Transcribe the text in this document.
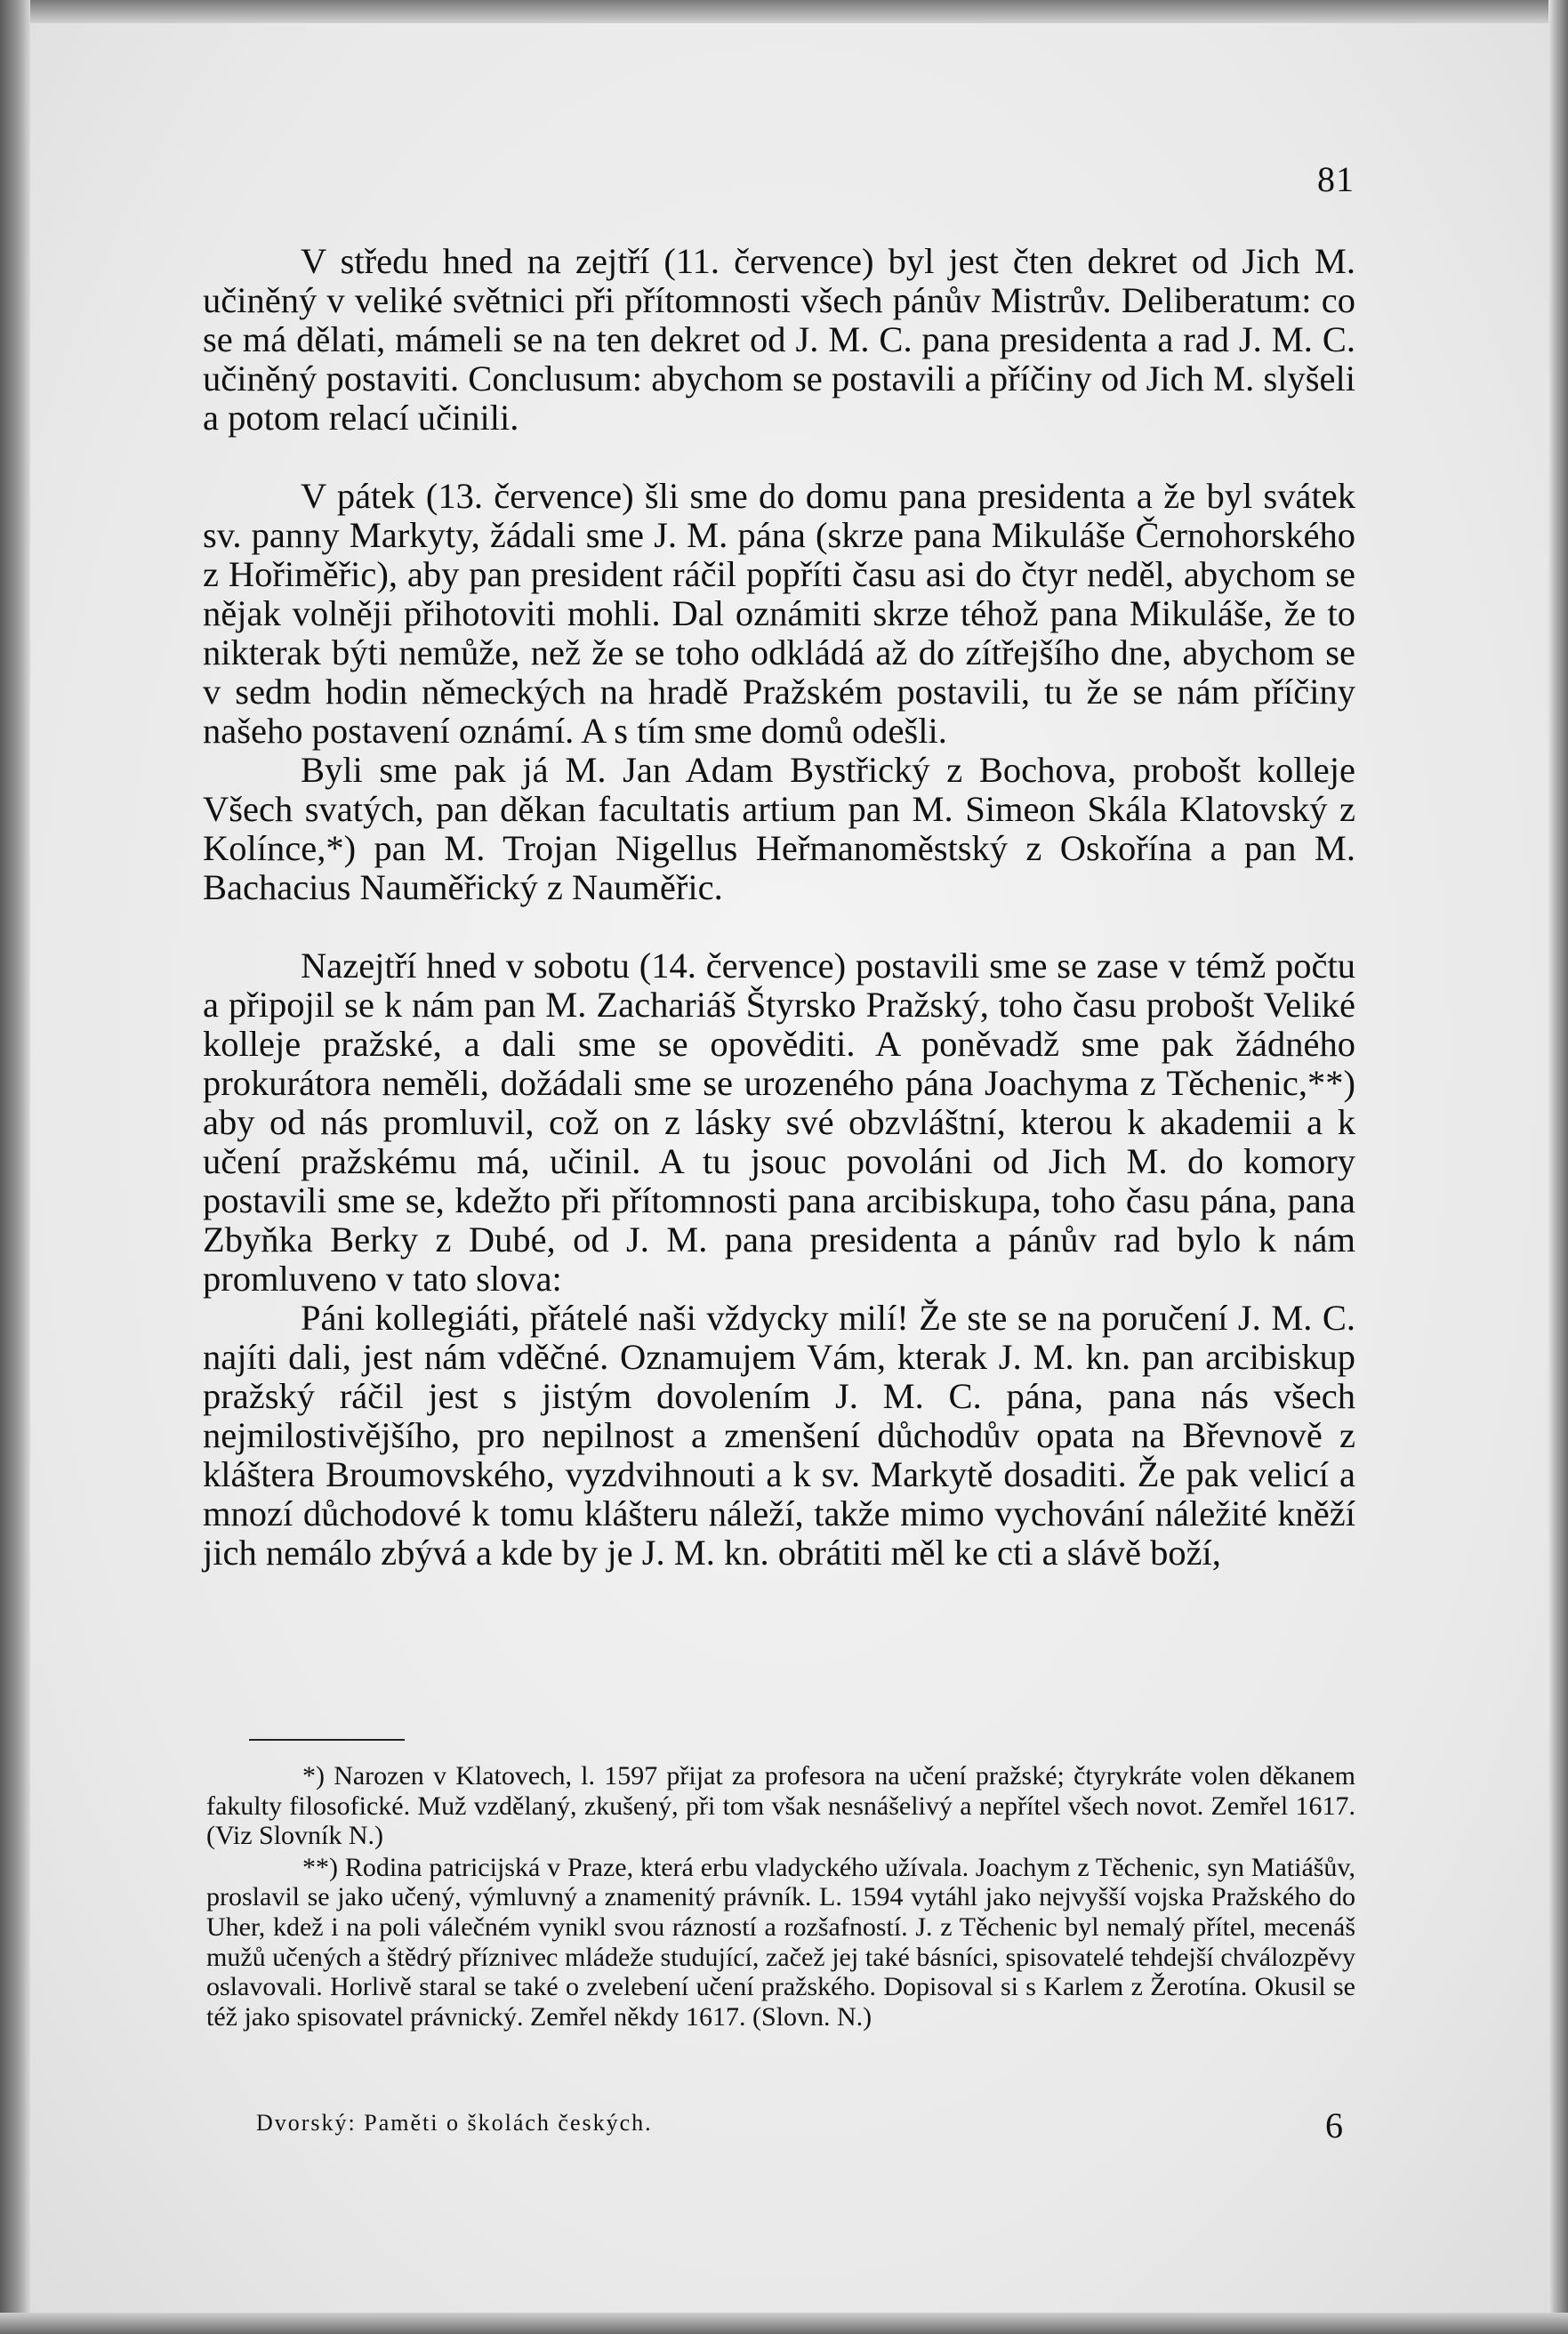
81

V středu hned na zejtří (11. července) byl jest čten dekret od Jich M. učiněný v veliké světnici při přítomnosti všech pánův Mistrův. Deliberatum: co se má dělati, mámeli se na ten dekret od J. M. C. pana presidenta a rad J. M. C. učiněný postaviti. Conclusum: abychom se postavili a příčiny od Jich M. slyšeli a potom relací učinili.

V pátek (13. července) šli sme do domu pana presidenta a že byl svátek sv. panny Markyty, žádali sme J. M. pána (skrze pana Mikuláše Černohorského z Hořiměřic), aby pan president ráčil popříti času asi do čtyr neděl, abychom se nějak volněji přihotoviti mohli. Dal oznámiti skrze téhož pana Mikuláše, že to nikterak býti nemůže, než že se toho odkládá až do zítřejšího dne, abychom se v sedm hodin německých na hradě Pražském postavili, tu že se nám příčiny našeho postavení oznámí. A s tím sme domů odešli.

Byli sme pak já M. Jan Adam Bystřický z Bochova, probošt kolleje Všech svatých, pan děkan facultatis artium pan M. Simeon Skála Klatovský z Kolínce,*) pan M. Trojan Nigellus Heřmanoměstský z Oskořína a pan M. Bachacius Nauměřický z Nauměřic.

Nazejtří hned v sobotu (14. července) postavili sme se zase v témž počtu a připojil se k nám pan M. Zachariáš Štyrsko Pražský, toho času probošt Veliké kolleje pražské, a dali sme se opověditi. A poněvadž sme pak žádného prokurátora neměli, dožádali sme se urozeného pána Joachyma z Těchenic,**) aby od nás promluvil, což on z lásky své obzvláštní, kterou k akademii a k učení pražskému má, učinil. A tu jsouc povoláni od Jich M. do komory postavili sme se, kdežto při přítomnosti pana arcibiskupa, toho času pána, pana Zbyňka Berky z Dubé, od J. M. pana presidenta a pánův rad bylo k nám promluveno v tato slova:

Páni kollegiáti, přátelé naši vždycky milí! Že ste se na poručení J. M. C. najíti dali, jest nám vděčné. Oznamujem Vám, kterak J. M. kn. pan arcibiskup pražský ráčil jest s jistým dovolením J. M. C. pána, pana nás všech nejmilostivějšího, pro nepilnost a zmenšení důchodův opata na Břevnově z kláštera Broumovského, vyzdvihnouti a k sv. Markytě dosaditi. Že pak velicí a mnozí důchodové k tomu klášteru náleží, takže mimo vychování náležité kněží jich nemálo zbývá a kde by je J. M. kn. obrátiti měl ke cti a slávě boží,

*) Narozen v Klatovech, l. 1597 přijat za profesora na učení pražské; čtyrykráte volen děkanem fakulty filosofické. Muž vzdělaný, zkušený, při tom však nesnášelivý a nepřítel všech novot. Zemřel 1617. (Viz Slovník N.)

**) Rodina patricijská v Praze, která erbu vladyckého užívala. Joachym z Těchenic, syn Matiášův, proslavil se jako učený, výmluvný a znamenitý právník. L. 1594 vytáhl jako nejvyšší vojska Pražského do Uher, kdež i na poli válečném vynikl svou rázností a rozšafností. J. z Těchenic byl nemalý přítel, mecenáš mužů učených a štědrý příznivec mládeže studující, začež jej také básníci, spisovatelé tehdejší chválozpěvy oslavovali. Horlivě staral se také o zvelebení učení pražského. Dopisoval si s Karlem z Žerotína. Okusil se též jako spisovatel právnický. Zemřel někdy 1617. (Slovn. N.)

Dvorský: Paměti o školách českých.	6
